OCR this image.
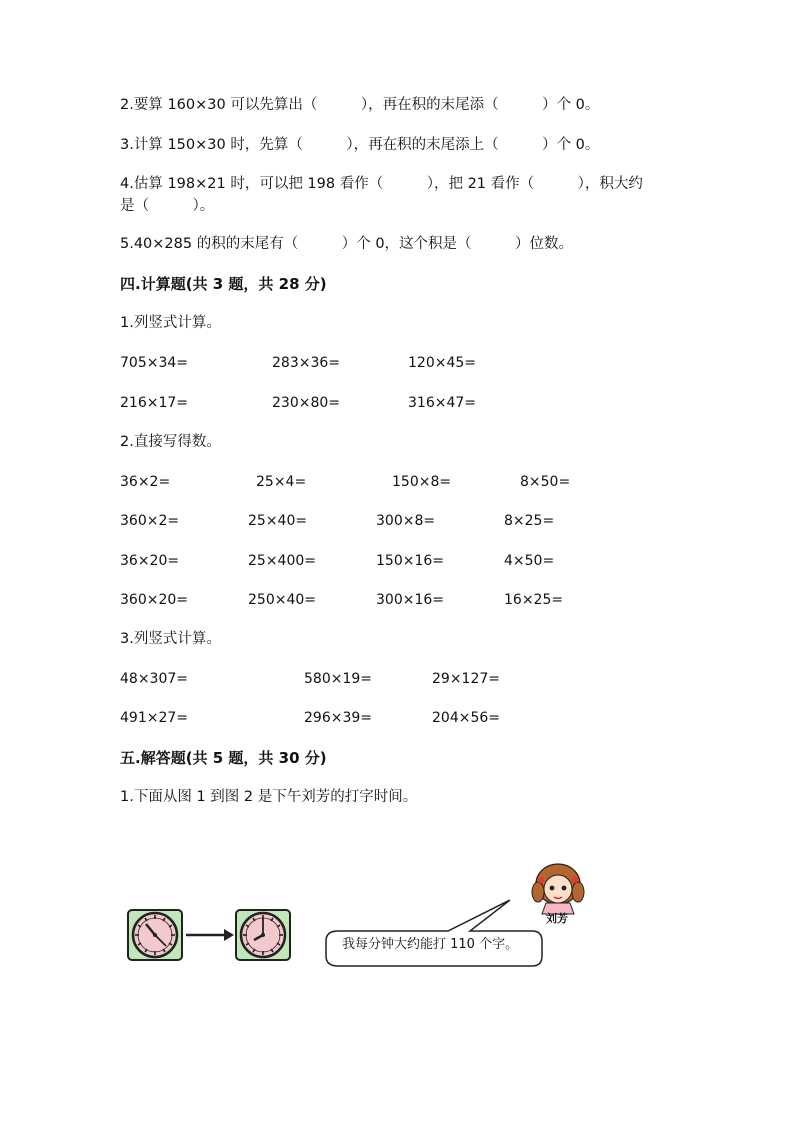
2.要算 160×30 可以先算出（　　　），再在积的末尾添（　　　）个 0。
3.计算 150×30 时，先算（　　　），再在积的末尾添上（　　　）个 0。
4.估算 198×21 时，可以把 198 看作（　　　），把 21 看作（　　　），积大约
是（　　　）。
5.40×285 的积的末尾有（　　　）个 0，这个积是（　　　）位数。
四.计算题(共 3 题，共 28 分)
1.列竖式计算。
705×34=	283×36=	120×45=
216×17=	230×80=	316×47=
2.直接写得数。
36×2=	25×4=	150×8=	8×50=
360×2=	25×40=	300×8=	8×25=
36×20=	25×400=	150×16=	4×50=
360×20=	250×40=	300×16=	16×25=
3.列竖式计算。
48×307=	580×19=	29×127=
491×27=	296×39=	204×56=
五.解答题(共 5 题，共 30 分)
1.下面从图 1 到图 2 是下午刘芳的打字时间。
我每分钟大约能打 110 个字。
刘芳
